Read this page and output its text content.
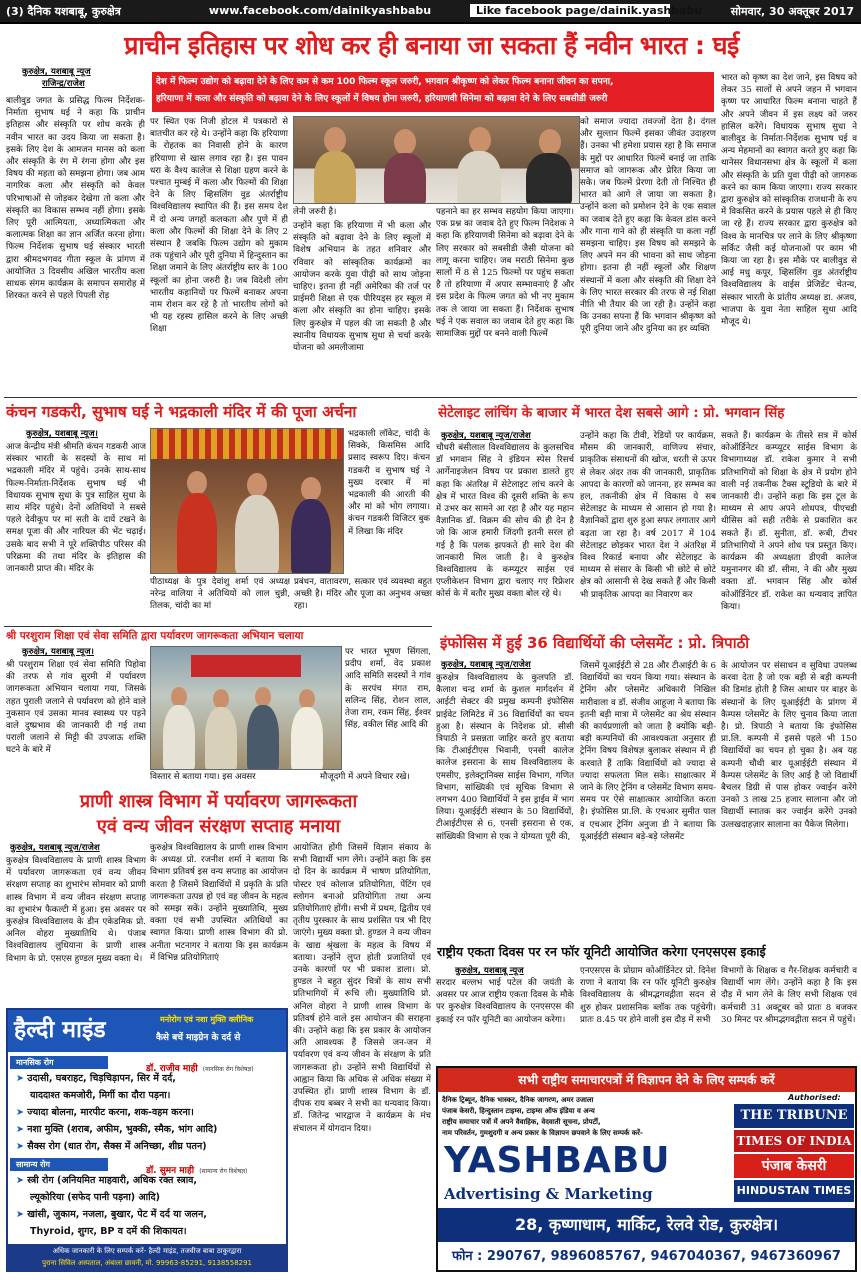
(3) दैनिक यशबाबू, कुरुक्षेत्र	www.facebook.com/dainikyashbabu	Like facebook page/dainik.yashbabu	सोमवार, 30 अक्तूबर 2017
प्राचीन इतिहास पर शोध कर ही बनाया जा सकता हैं नवीन भारत : घई
कुरुक्षेत्र, यशबाबू न्यूज
राजिन्द्र/राजेश	देश में फिल्म उद्योग को बढ़ावा देने के लिए कम से कम 100 फिल्म स्कूल जरुरी, भगवान श्रीकृष्ण को लेकर फिल्म बनाना जीवन का सपना,
हरियाणा में कला और संस्कृति को बढ़ावा देने के लिए स्कूलों में विषय होना जरुरी, हरियाणवी सिनेमा को बढ़ावा देने के लिए सबसीडी जरुरी
बालीवुड जगत के प्रसिद्ध फिल्म निर्देशक-निर्माता सुभाष घई ने कहा कि प्राचीन इतिहास और संस्कृति पर शोध करके ही नवीन भारत का उदय किया जा सकता है। इसके लिए देश के आमजन मानस को कला और संस्कृति के रंग में रंगना होगा और इस विषय की महता को समझना होगा। जब आम नागरिक कला और संस्कृति को केवल परिभाषाओं से जोड़कर देखेगा तो कला और संस्कृति का विकास सम्भव नहीं होगा। इसके लिए पूरी आत्मियता, अध्यात्मिकता और कलात्मक शिक्षा का ज्ञान अर्जित करना होगा। फिल्म निर्देशक सुभाष घई संस्कार भारती द्वारा श्रीमदभगवद गीता स्कूल के प्रांगण में आयोजित 3 दिवसीय अखिल भारतीय कला साधक संगम कार्यक्रम के समापन समारोह में शिरकत करने से पहले पिपली रोड़
पर स्थित एक निजी होटल में पत्रकारों से बातचीत कर रहे थे। उन्होंने कहा कि हरियाणा के रोहतक का निवासी होने के कारण हरियाणा से खास लगाव रहा है। इस पावन धरा के वैश्य कालेज से शिक्षा ग्रहण करने के पश्चात मुम्बई में कला और फिल्मों की शिक्षा देने के लिए व्हिसलिंग वुड अंतर्राष्ट्रीय विश्वविद्यालय स्थापित की हैं। इस समय देश में दो अन्य जगहों कलकता और पुणे में ही कला और फिल्मों की शिक्षा देने के लिए 2 संस्थान है जबकि फिल्म उद्योग को मुकाम तक पहुंचाने और पूरी दुनिया में हिन्दुस्तान का शिक्षा जमाने के लिए अंतर्राष्ट्रीय स्तर के 100 स्कूलों का होना जरुरी है। जब विदेशी लोग भारतीय कहानियों पर फिल्में बनाकर अपना नाम रोशन कर रहे है तो भारतीय लोगों को भी यह रहस्य हासिल करने के लिए अच्छी शिक्षा
लेनी जरुरी है।
उन्होंने कहा कि हरियाणा में भी कला और संस्कृति को बढ़ावा देने के लिए स्कूलों में विशेष अभियान के तहत शनिवार और रविवार को सांस्कृतिक कार्यक्रमों का आयोजन करके युवा पीढ़ी को साथ जोड़ना चाहिए। इतना ही नहीं अमेरिका की तर्ज पर प्राईमरी शिक्षा से एक पीरियड्स हर स्कूल में कला और संस्कृति का होना चाहिए। इसके लिए कुरुक्षेत्र में पहल की जा सकती है और स्थानीय विधायक सुभाष सुधा से चर्चा करके योजना को अमलीजामा
पहनाने का हर सम्भव सहयोग किया जाएगा। एक प्रश्न का जवाब देते हुए फिल्म निदेशक ने कहा कि हरियाणवी सिनेमा को बढ़ावा देने के लिए सरकार को सबसीडी जैसी योजना को लागू करना चाहिए। जब मराठी सिनेमा कुछ सालों में 8 से 125 फिल्मों पर पहुंच सकता है तो हरियाणा में अपार सम्भावनाएं हैं और इस प्रदेश के फिल्म जगत को भी नए मुकाम तक ले जाया जा सकता हैं। निर्देशक सुभाष घई ने एक सवाल का जवाब देते हुए कहा कि सामाजिक मुद्दों पर बनने वाली फिल्में
को समाज ज्यादा तवज्जों देता है। दंगल और सुल्तान फिल्में इसका जीवंत उदाहरण हैं। उनका भी हमेशा प्रयास रहा है कि समाज के मुद्दों पर आधारित फिल्में बनाई जा ताकि समाज को जागरूक और प्रेरित किया जा सके। जब फिल्में प्रेरणा देती तो निश्चित ही भारत को आगे ले जाया जा सकता है। उन्होंने कला को प्रमोशन देने के एक सवाल का जवाब देते हुए कहा कि केवल डांस करने और गाना गाने को ही संस्कृति या कला नहीं समझना चाहिए। इस विषय को समझने के लिए अपने मन की भावना को साथ जोड़ना होगा। इतना ही नहीं स्कूलों और शिक्षण संस्थानों में कला और संस्कृति की शिक्षा देने के लिए भारत सरकार की तरफ से नई शिक्षा नीति भी तैयार की जा रही है। उन्होंने कहा कि उनका सपना हैं कि भगवान श्रीकृष्ण को पूरी दुनिया जाने और दुनिया का हर व्यक्ति
भारत को कृष्ण का देश जाने, इस विषय को लेकर 35 सालों से अपने जहन में भगवान कृष्ण पर आधारित फिल्म बनाना चाहते हैं और अपने जीवन में इस लक्ष्य को जरुर हासिल करेंगे। विधायक सुभाष सुधा ने बालीवुड के निर्माता-निर्देशक सुभाष घई व अन्य मेहमानों का स्वागत करते हुए कहा कि थानेसर विधानसभा क्षेत्र के स्कूलों में कला और संस्कृति के प्रति युवा पीढ़ी को जागरुक करने का काम किया जाएगा। राज्य सरकार द्वारा कुरुक्षेत्र को सांस्कृतिक राजधानी के रुप में विकसित करने के प्रयास पहले से ही किए जा रहे हैं। राज्य सरकार द्वारा कुरुक्षेत्र को विश्व के मानचित्र पर लाने के लिए श्रीकृष्णा सर्किट जैसी कई योजनाओं पर काम भी किया जा रहा है। इस मौके पर बालीवुड से आई मधु कपूर, व्हिसलिंग वुड अंतर्राष्ट्रीय विश्वविद्यालय के वाईस प्रेजिडेंट चेतन्य, संस्कार भारती के प्रांतीय अध्यक्ष डा. अजय, भाजपा के युवा नेता साहिल सुधा आदि मौजूद थे।
कंचन गडकरी, सुभाष घई ने भद्रकाली मंदिर में की पूजा अर्चना
कुरुक्षेत्र, यशबाबू न्यूज।
आज केन्द्रीय मंत्री श्रीमति कंचन गडकरी आज संस्कार भारती के सदस्यों के साथ मां भद्रकाली मंदिर में पहुंचे। उनके साथ-साथ फिल्म-निर्माता-निर्देशक सुभाष घई भी विधायक सुभाष सुधा के पुत्र साहिल सुधा के साथ मंदिर पहुंचे। देनों अतिथियों ने सबसे पहले देवीकूप पर मां सती के दायें टखने के समक्ष पूजा की और नारियल की भेंट चढ़ाई। उसके बाद सभी ने पूरे शक्तिपीठ परिसर की परिक्रमा की तथा मंदिर के इतिहास की जानकारी प्राप्त की। मंदिर के
भद्रकाली लॉकेट, चांदी के सिक्के, किसमिस आदि प्रसाद स्वरूप दिए। कंचन गडकरी व सुभाष घई ने मुख्य दरबार में मां भद्रकाली की आरती की और मां को भोग लगाया। कंचन गडकरी विजिटर बुक में लिखा कि मंदिर
पीठाध्यक्ष के पुत्र देवांशु शर्मा एवं अध्यक्ष नरेन्द्र वालिया ने अतिथियों को लाल चुन्नी, तिलक, चांदी का मां
प्रबंधन, वातावरण, सत्कार एवं व्यवस्था बहुत अच्छी है। मंदिर और पूजा का अनुभव अच्छा रहा।
सेटेलाइट लांचिंग के बाजार में भारत देश सबसे आगे : प्रो. भगवान सिंह
कुरुक्षेत्र, यशबाबू न्यूज/राजेश
चौधरी बंसीलाल विश्वविद्यालय के कुलसचिव डॉ भगवान सिंह ने इंडियन स्पेस रिसर्च आर्गेनाइजेशन विषय पर प्रकाश डालते हुए कहा कि अंतरिक्ष में सेटेलाइट लांच करने के क्षेत्र में भारत विश्व की दूसरी शक्ति के रूप में उभर कर सामने आ रहा है और यह महान वैज्ञानिक डॉ. विक्रम की सोच की ही देन है जो कि आज हमारी जिंदगी इतनी सरल हो गई है कि पलक झपकते ही सारे देश की जानकारी मिल जाती है। वे कुरुक्षेत्र विश्वविद्यालय के कम्प्यूटर साईस एवं एप्लीकेशन विभाग द्वारा चलाए गए रिफ्रेशर कोर्स के में बतौर मुख्य वक्ता बोल रहे थे।
उन्होंने कहा कि टीवी, रेडियों पर कार्यक्रम, मौसम की जानकारी, वाणिज्य संचार, प्राकृतिक संसाधनों की खोज, धरती से ऊपर से लेकर अंदर तक की जानकारी, प्राकृतिक आपदा के कारणों को जानना, हर सम्भव का हल, तकनीकी क्षेत्र में विकास ये सब सेटेलाइट के माध्यम से आसान हो गया है। वैज्ञानिकों द्वारा शुरु हुआ सफर लगातार आगे बढ़ता जा रहा है। वर्ष 2017 में 104 सेटेलाइट छोड़कर भारत देश ने अंतरिक्ष में विश्व रिकार्ड बनाया और सेटेलाइट के माध्यम से संसार के किसी भी छोटे से छोटे क्षेत्र को आसानी से देख सकते हैं और किसी भी प्राकृतिक आपदा का निवारण कर
सकते हैं। कार्यक्रम के तीसरे सत्र में कोर्स कोऑर्डिनेटर कम्प्यूटर साईस विभाग के विभागाध्यक्ष डॉ. राकेश कुमार ने सभी प्रतिभागियों को शिक्षा के क्षेत्र में प्रयोग होने वाली नई तकनीक टैक्स स्टूडियो के बारे में जानकारी दी। उन्होंने कहा कि इस टूल के माध्यम से आप अपने शोधपत्र, पीएचडी थीसिस को सही तरीके से प्रकाशित कर सकते हैं। डॉ. सुनीता, डॉ. रूबी, टीचर प्रतिभागियों ने अपने शोध पत्र प्रस्तुत किए। कार्यक्रम की अध्यक्षता डीएवी कालेज यमुनानगर की डॉ. सीमा, ने की और मुख्य वक्ता डॉ. भगवान सिंह और कोर्स कोऑर्डिनेटर डॉ. राकेश का धन्यवाद ज्ञापित किया।
श्री परशुराम शिक्षा एवं सेवा समिति द्वारा पर्यावरण जागरूकता अभियान चलाया
कुरुक्षेत्र, यशबाबू न्यूज।
श्री परशुराम शिक्षा एवं सेवा समिति पिहोवा की तरफ से गांव सुरमी में पर्यावरण जागरूकता अभियान चलाया गया, जिसके तहत पुराली जलाने से पर्यावरण को होने वाले नुकसान एवं उसका मानव स्वास्थ्य पर पड़ने वाले दुष्प्रभाव की जानकारी दी गई तथा पराली जलाने से मिट्टी की उपजाऊ शक्ति घटने के बारे में
पर भारत भूषण सिंगला, प्रदीप शर्मा, वेद प्रकाश आदि समिति सदस्यों ने गांव के सरपंच मंगत राम, सलिन्द सिंह, रोशन लाल, तेजा राम, रकम सिंह, ईश्वर सिंह, वकील सिंह आदि की
विस्तार से बताया गया। इस अवसर	मौजूदगी में अपने विचार रखे।
इंफोसिस में हुई 36 विद्यार्थियों की प्लेसमेंट : प्रो. त्रिपाठी
कुरुक्षेत्र, यशबाबू न्यूज/राजेश
कुरुक्षेत्र विश्वविद्यालय के कुलपति डॉ. कैलाश चन्द्र शर्मा के कुशल मार्गदर्शन में आईटी सेक्टर की प्रमुख कम्पनी इंफोसिस प्राईवेट लिमिटेड में 36 विद्यार्थियों का चयन हुआ है। संस्थान के निदेशक प्रो. सीसी त्रिपाठी ने प्रसन्नता जाहिर करते हुए बताया कि टीआईटीएस भिवानी, एनसी कालेज कालेज इसराना के साथ विश्वविद्यालय के एमसीए, इलेक्ट्रानिक्स साईस विभाग, गणित विभाग, सांख्यिकी एवं सूचिक विभाग से लगभग 400 विद्यार्थियों ने इस ड्राईव में भाग लिया। यूआईईटी संस्थान के 50 विद्यार्थियों, टीआईटीएस से 6, एनसी इसराना से एक, सांख्यिकी विभाग से एक ने योग्यता पूरी की,
जिसमें यूआईईटी से 28 और टीआईटी के 6 विद्यार्थियों का चयन किया गया। संस्थान के ट्रेनिंग और प्लेसमेंट अधिकारी निखिल मारीवाला व डॉ. संजीव आहूजा ने बताया कि इतनी बड़ी मात्रा में प्लेसमेंट का श्रेय संस्थान की कार्यप्रणाली को जाता है क्योंकि बड़ी-बड़ी कम्पनियों की आवश्यकता अनुसार ही ट्रेनिंग विषय विशेषज्ञ बुलाकर संस्थान में ही करवाते हैं ताकि विद्यार्थियों को ज्यादा से ज्यादा सफलता मिल सके। साक्षात्कार में जाने के लिए ट्रेनिंग व प्लेसमेंट विभाग समय-समय पर ऐसे साक्षात्कार आयोजित करता है। इंफोसिस प्रा.लि. के एचआर सुमीत पाल व एचआर ट्रेनिंग अनुजा डी ने बताया कि यूआईईटी संस्थान बड़े-बड़े प्लेसमेंट
के आयोजन पर संसाधन व सुविधा उपलब्ध करवा देता है जो एक बड़ी से बड़ी कम्पनी की डिमांड होती है जिस आधार पर बाहर के संस्थानों के लिए यूआईईटी के प्रांगण में कैम्पस प्लेसमेंट के लिए चुनाव किया जाता है। प्रो. त्रिपाठी ने बताया कि इंफोसिस प्रा.लि. कम्पनी में इससे पहले भी 150 विद्यार्थियों का चयन हो चुका है। अब यह कम्पनी चौथी बार यूआईईटी संस्थान में कैम्पस प्लेसमेंट के लिए आई है जो विद्यार्थी बैचलर डिग्री से पास होकर ज्वाईन करेंगे उनको 3 लाख 25 हजार सालाना और जो विद्यार्थी स्नातक कर ज्वाईन करेंगे उनको उत्लखदाहज़ार सालाना का पैकेज मिलेगा।
प्राणी शास्त्र विभाग में पर्यावरण जागरूकता
एवं वन्य जीवन संरक्षण सप्ताह मनाया
कुरुक्षेत्र, यशबाबू न्यूज/राजेश
कुरुक्षेत्र विश्वविद्यालय के प्राणी शास्त्र विभाग में पर्यावरण जागरूकता एवं वन्य जीवन संरक्षण सप्ताह का शुभारंभ सोमवार को प्राणी शास्त्र विभाग में वन्य जीवन संरक्षण सप्ताह का शुभारंभ फैकल्टी में हुआ। इस अवसर पर कुरुक्षेत्र विश्वविद्यालय के डीन एकेडमिक प्रो. अनिल वोहरा मुख्यातिथि थे। पंजाब विश्वविद्यालय लुधियाना के प्राणी शास्त्र विभाग के प्रो. एसएस हुण्डल मुख्य वक्ता थे।
कुरुक्षेत्र विश्वविद्यालय के प्राणी शास्त्र विभाग के अध्यक्ष प्रो. रजनीश शर्मा ने बताया कि विभाग प्रतिवर्ष इस वन्य सप्ताह का आयोजन करता है जिसमें विद्यार्थियों में प्रकृति के प्रति जागरूकता उत्पन्न हो एवं वह जीवन के महत्व को समझ सकें। उन्होंने मुख्यातिथि, मुख्य वक्ता एवं सभी उपस्थित अतिथियों का स्वागत किया। प्राणी शास्त्र विभाग की प्रो. अनीता भटनागर ने बताया कि इस कार्यक्रम में विभिन्न प्रतियोगिताएं
आयोजित होंगी जिसमें विज्ञान संकाय के सभी विद्यार्थी भाग लेंगे। उन्होंने कहा कि इस दो दिन के कार्यक्रम में भाषण प्रतियोगिता, पोस्टर एवं कोलाज प्रतियोगिता, पेंटिंग एवं स्लोगन बनाओ प्रतियोगिता तथा अन्य प्रतियोगिताएं होंगी। सभी में प्रथम, द्वितीय एवं तृतीय पुरस्कार के साथ प्रशंसित पत्र भी दिए जाएंगे। मुख्य वक्ता प्रो. हुण्डल ने वन्य जीवन के खाद्य श्रृंखला के महत्व के विषय में बताया। उन्होंने लुप्त होती प्रजातियों एवं उनके कारणों पर भी प्रकाश डाला। प्रो. हुण्डल ने बहुत सुंदर चित्रों के साथ सभी प्रतिभागियों में रूचि ली। मुख्यातिथि प्रो. अनिल वोहरा ने प्राणी शास्त्र विभाग के प्रतिवर्ष होने वाले इस आयोजन की सराहना की। उन्होंने कहा कि इस प्रकार के आयोजन अति आवश्यक हैं जिससे जन-जन में पर्यावरण एवं वन्य जीवन के संरक्षण के प्रति जागरूकता हो। उन्होंने सभी विद्यार्थियों से आह्वान किया कि अधिक से अधिक संख्या में उपस्थित हों। प्राणी शास्त्र विभाग के डॉ. दीपक राय बब्बर ने सभी का धन्यवाद किया। डॉ. जितेन्द्र भारद्वाज ने कार्यक्रम के मंच संचालन में योगदान दिया।
हैल्दी माइंड	मनोरोग एवं नशा मुक्ति क्लीनिक
कैसे बचें माइग्रेन के दर्द से
मानसिक रोग
डॉ. राजीव माही (मानसिक रोग विशेषज्ञ)
➤ उदासी, घबराहट, चिड़चिड़ापन, सिर में दर्द,
याददाश्त कमजोरी, मिर्गी का दौरा पड़ना।
➤ ज्यादा बोलना, मारपीट करना, शक-वहम करना।
➤ नशा मुक्ति (शराब, अफीम, भुक्की, स्मैक, भांग आदि)
➤ सैक्स रोग (धात रोग, सैक्स में अनिच्छा, शीघ्र पतन)
सामान्य रोग
डॉ. सुमन माही (सामान्य रोग विशेषज्ञ)
➤ स्त्री रोग (अनियमित माहवारी, अधिक रक्त स्त्राव,
ल्यूकोरिया (सफेद पानी पड़ना) आदि)
➤ खांसी, जुकाम, नजला, बुखार, पेट में दर्द या जलन,
Thyroid, शुगर, BP व दमें की शिकायत।
अधिक जानकारी के लिए सम्पर्क करें- हैल्दी माइंड, तजवीज बाबा ठाकुरद्वारा
पुराना सिविल अस्पताल, अंबाला छावनी, मो. 99963-85291, 9138558291
राष्ट्रीय एकता दिवस पर रन फॉर यूनिटी आयोजित करेगा एनएसएस इकाई
कुरुक्षेत्र, यशबाबू न्यूज
सरदार बल्लभ भाई पटेल की जयंती के अवसर पर आज राष्ट्रीय एकता दिवस के मौके पर कुरुक्षेत्र विश्वविद्यालय के एनएसएस की इकाई रन फॉर यूनिटी का आयोजन करेगा।
एनएसएस के प्रोग्राम कोऑर्डिनेटर प्रो. दिनेश राणा ने बताया कि रन फॉर यूनिटी कुरुक्षेत्र विश्वविद्यालय के श्रीमद्भगवद्गीता सदन से शुरु होकर प्रशासनिक ब्लॉक तक पहुंचेगी। प्रातः 8.45 पर होने वाली इस दौड़ में सभी
विभागों के शिक्षक व गैर-शिक्षक कर्मचारी व विद्यार्थी भाग लेंगे। उन्होंने कहा है कि इस दौड़ में भाग लेने के लिए सभी शिक्षक एवं कर्मचारी 31 अक्टूबर को प्रातः 8 बजकर 30 मिनट पर श्रीमद्भगवद्गीता सदन में पहुंचें।
सभी राष्ट्रीय समाचारपत्रों में विज्ञापन देने के लिए सम्पर्क करें
दैनिक ट्रिब्यून, दैनिक भास्कर, दैनिक जागरण, अमर उजाला
पंजाब केसरी, हिन्दुस्तान टाइम्स, टाइम्स ऑफ इंडिया व अन्य
राष्ट्रीय समाचार पत्रों में अपने वैवाहिक, वेदवाती सूचना, प्रोपर्टी,
नाम परिवर्तन, गुमशुदगी व अन्य प्रकार के विज्ञापन छपवाने के लिए सम्पर्क करें-
Authorised:
THE TRIBUNE
TIMES OF INDIA
पंजाब केसरी
HINDUSTAN TIMES
YASHBABU
Advertising & Marketing
28, कृष्णाधाम, मार्किट, रेलवे रोड, कुरुक्षेत्र।
फोन : 290767, 9896085767, 9467040367, 9467360967
